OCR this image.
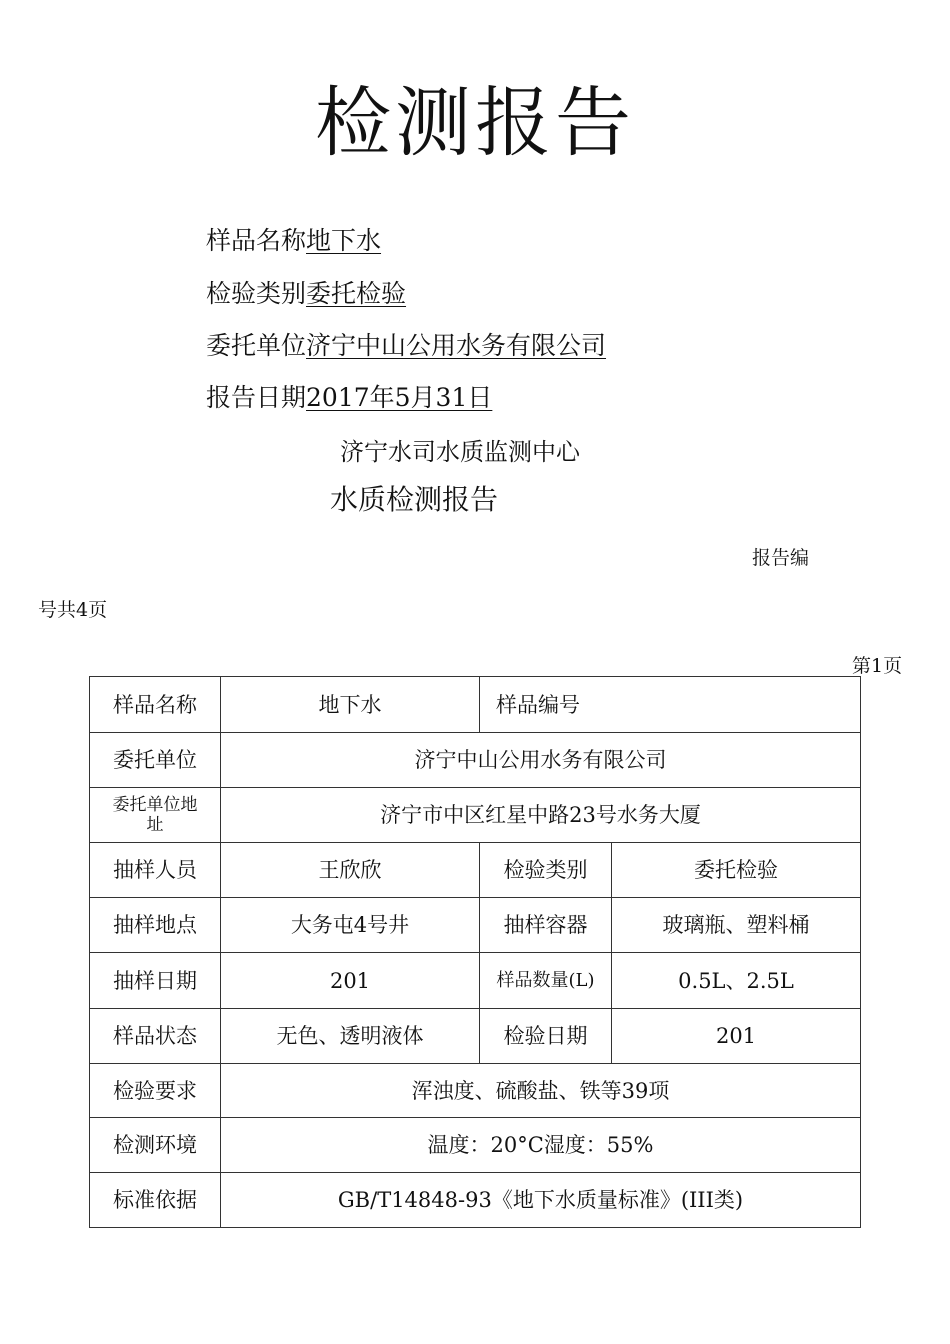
检测报告
样品名称地下水
检验类别委托检验
委托单位济宁中山公用水务有限公司
报告日期2017年5月31日
济宁水司水质监测中心
水质检测报告
报告编
号共4页
第1页
样品名称	地下水	样品编号	
委托单位	济宁中山公用水务有限公司		
委托单位地址	济宁市中区红星中路23号水务大厦		
抽样人员	王欣欣	检验类别	委托检验
抽样地点	大务屯4号井	抽样容器	玻璃瓶、塑料桶
抽样日期	201	样品数量(L)	0.5L、2.5L
样品状态	无色、透明液体	检验日期	201
检验要求	浑浊度、硫酸盐、铁等39项		
检测环境	温度：20°C湿度：55%		
标准依据	GB/T14848-93《地下水质量标准》(III类)		
